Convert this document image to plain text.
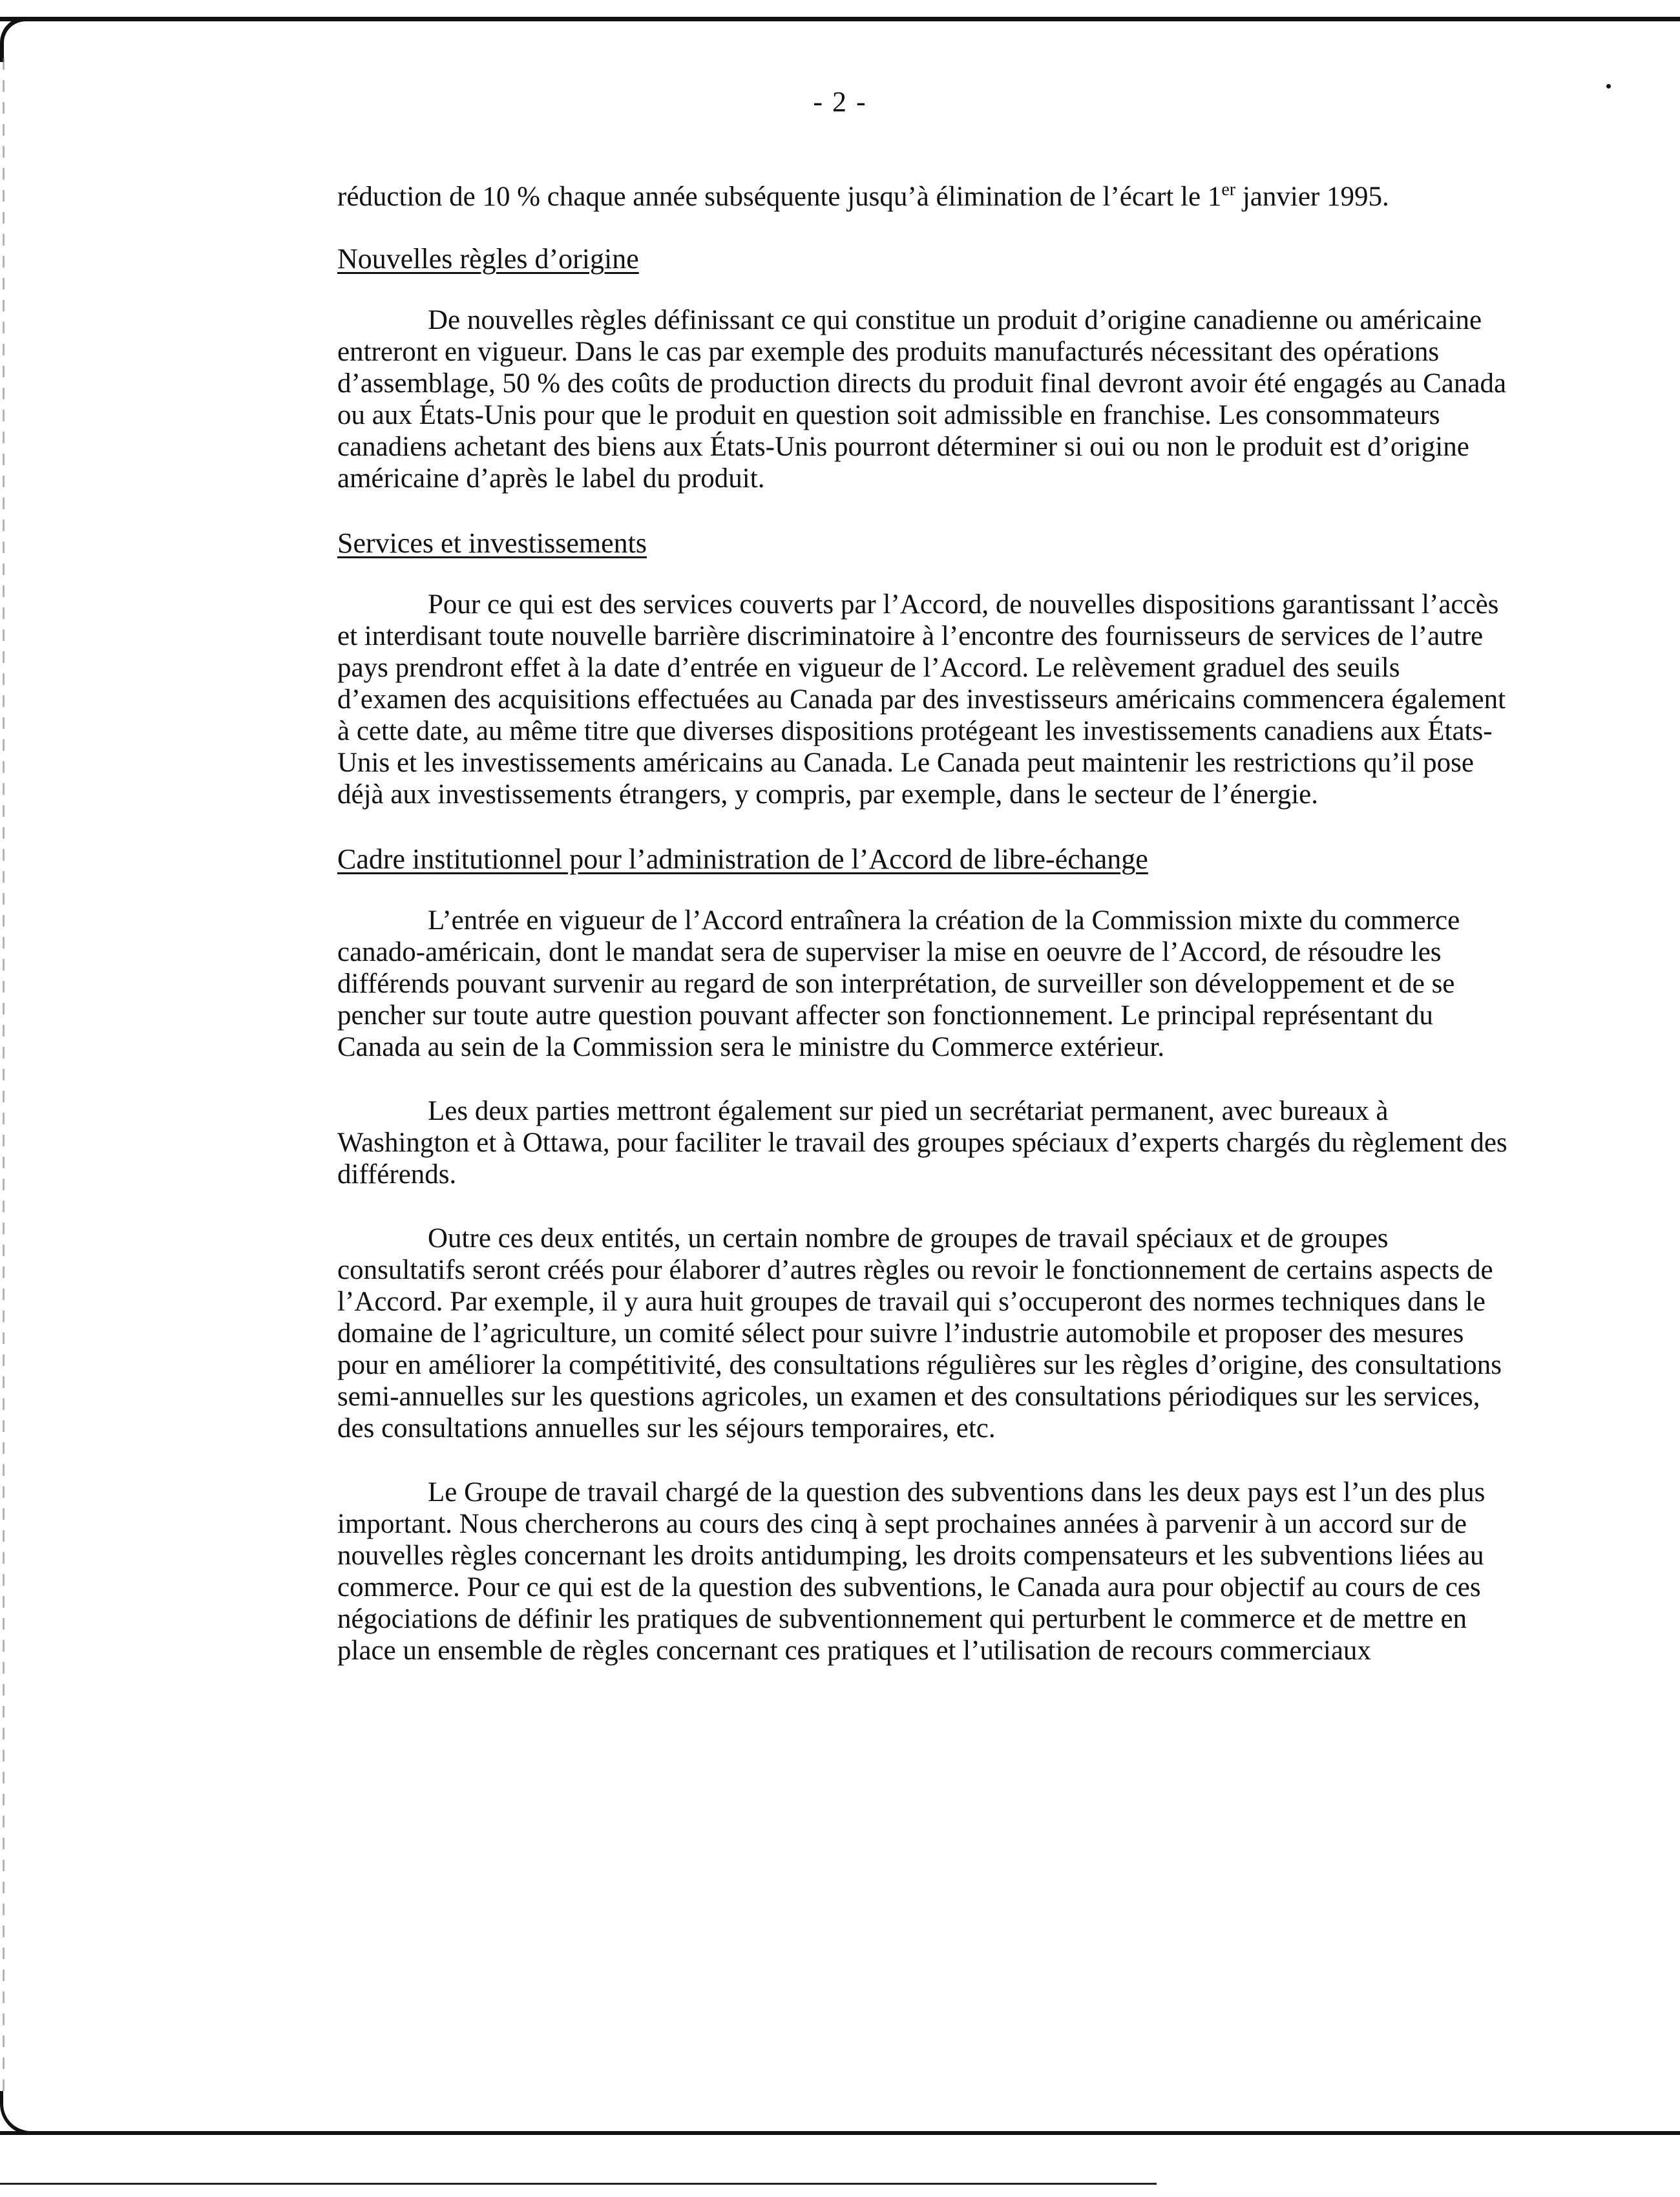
- 2 -

réduction de 10 % chaque année subséquente jusqu’à élimination de l’écart le 1er janvier 1995.

Nouvelles règles d’origine

De nouvelles règles définissant ce qui constitue un produit d’origine canadienne ou américaine entreront en vigueur. Dans le cas par exemple des produits manufacturés nécessitant des opérations d’assemblage, 50 % des coûts de production directs du produit final devront avoir été engagés au Canada ou aux États-Unis pour que le produit en question soit admissible en franchise. Les consommateurs canadiens achetant des biens aux États-Unis pourront déterminer si oui ou non le produit est d’origine américaine d’après le label du produit.

Services et investissements

Pour ce qui est des services couverts par l’Accord, de nouvelles dispositions garantissant l’accès et interdisant toute nouvelle barrière discriminatoire à l’encontre des fournisseurs de services de l’autre pays prendront effet à la date d’entrée en vigueur de l’Accord. Le relèvement graduel des seuils d’examen des acquisitions effectuées au Canada par des investisseurs américains commencera également à cette date, au même titre que diverses dispositions protégeant les investissements canadiens aux États-Unis et les investissements américains au Canada. Le Canada peut maintenir les restrictions qu’il pose déjà aux investissements étrangers, y compris, par exemple, dans le secteur de l’énergie.

Cadre institutionnel pour l’administration de l’Accord de libre-échange

L’entrée en vigueur de l’Accord entraînera la création de la Commission mixte du commerce canado-américain, dont le mandat sera de superviser la mise en oeuvre de l’Accord, de résoudre les différends pouvant survenir au regard de son interprétation, de surveiller son développement et de se pencher sur toute autre question pouvant affecter son fonctionnement. Le principal représentant du Canada au sein de la Commission sera le ministre du Commerce extérieur.

Les deux parties mettront également sur pied un secrétariat permanent, avec bureaux à Washington et à Ottawa, pour faciliter le travail des groupes spéciaux d’experts chargés du règlement des différends.

Outre ces deux entités, un certain nombre de groupes de travail spéciaux et de groupes consultatifs seront créés pour élaborer d’autres règles ou revoir le fonctionnement de certains aspects de l’Accord. Par exemple, il y aura huit groupes de travail qui s’occuperont des normes techniques dans le domaine de l’agriculture, un comité sélect pour suivre l’industrie automobile et proposer des mesures pour en améliorer la compétitivité, des consultations régulières sur les règles d’origine, des consultations semi-annuelles sur les questions agricoles, un examen et des consultations périodiques sur les services, des consultations annuelles sur les séjours temporaires, etc.

Le Groupe de travail chargé de la question des subventions dans les deux pays est l’un des plus important. Nous chercherons au cours des cinq à sept prochaines années à parvenir à un accord sur de nouvelles règles concernant les droits antidumping, les droits compensateurs et les subventions liées au commerce. Pour ce qui est de la question des subventions, le Canada aura pour objectif au cours de ces négociations de définir les pratiques de subventionnement qui perturbent le commerce et de mettre en place un ensemble de règles concernant ces pratiques et l’utilisation de recours commerciaux
